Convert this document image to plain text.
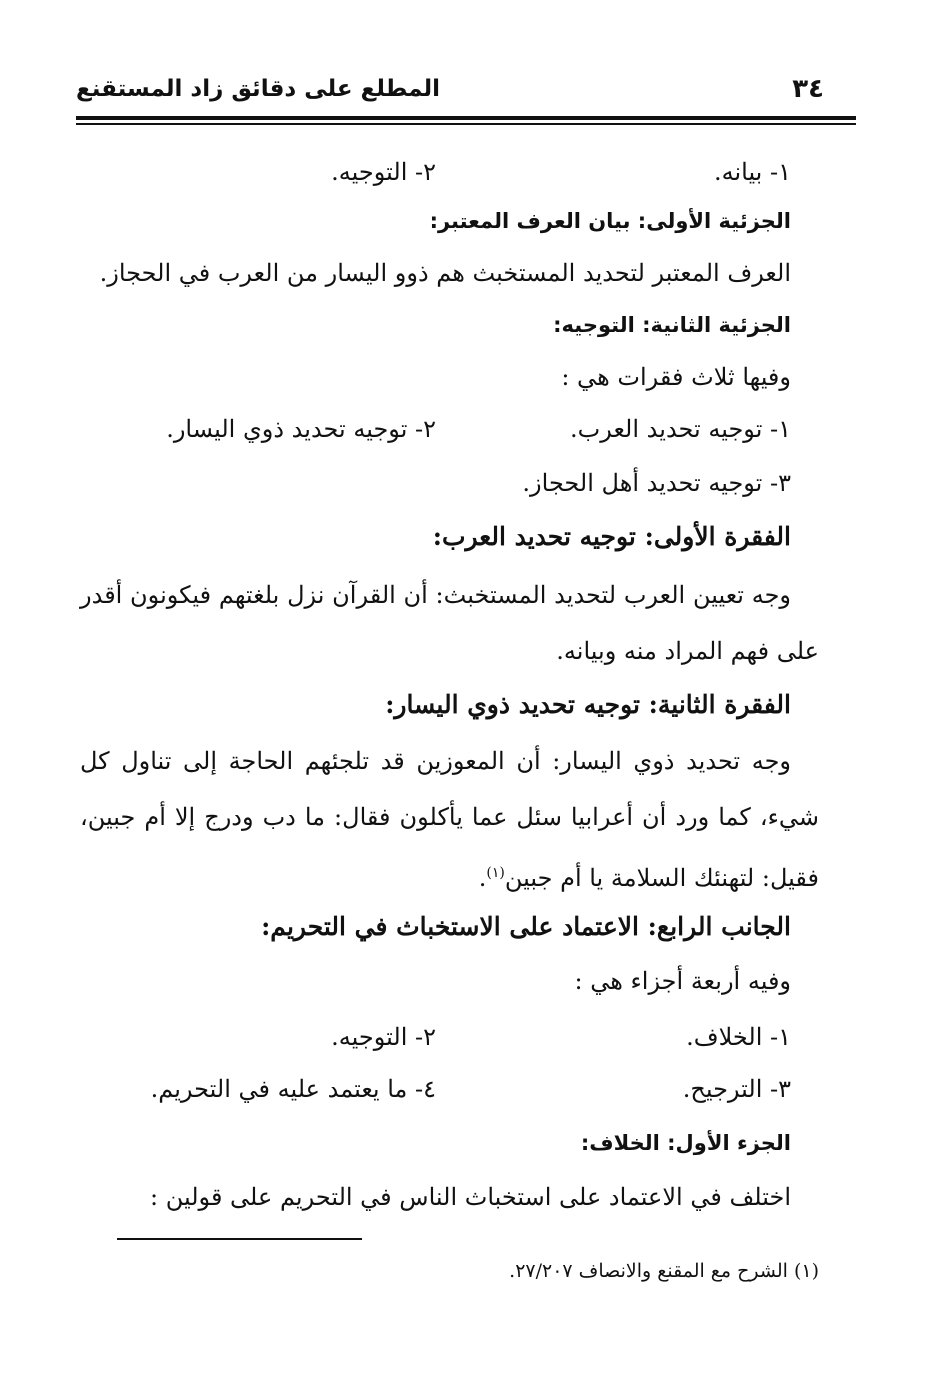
٣٤
المطلع على دقائق زاد المستقنع
١- بيانه.
٢- التوجيه.
الجزئية الأولى: بيان العرف المعتبر:
العرف المعتبر لتحديد المستخبث هم ذوو اليسار من العرب في الحجاز.
الجزئية الثانية: التوجيه:
وفيها ثلاث فقرات هي :
١- توجيه تحديد العرب.
٢- توجيه تحديد ذوي اليسار.
٣- توجيه تحديد أهل الحجاز.
الفقرة الأولى: توجيه تحديد العرب:
وجه تعيين العرب لتحديد المستخبث: أن القرآن نزل بلغتهم فيكونون أقدر
على فهم المراد منه وبيانه.
الفقرة الثانية: توجيه تحديد ذوي اليسار:
وجه تحديد ذوي اليسار: أن المعوزين قد تلجئهم الحاجة إلى تناول كل
شيء، كما ورد أن أعرابيا سئل عما يأكلون فقال: ما دب ودرج إلا أم جبين،
فقيل: لتهنئك السلامة يا أم جبين$^{(١)}$.
الجانب الرابع: الاعتماد على الاستخباث في التحريم:
وفيه أربعة أجزاء هي :
١- الخلاف.
٢- التوجيه.
٣- الترجيح.
٤- ما يعتمد عليه في التحريم.
الجزء الأول: الخلاف:
اختلف في الاعتماد على استخباث الناس في التحريم على قولين :
(١) الشرح مع المقنع والانصاف ٢٧/٢٠٧.
